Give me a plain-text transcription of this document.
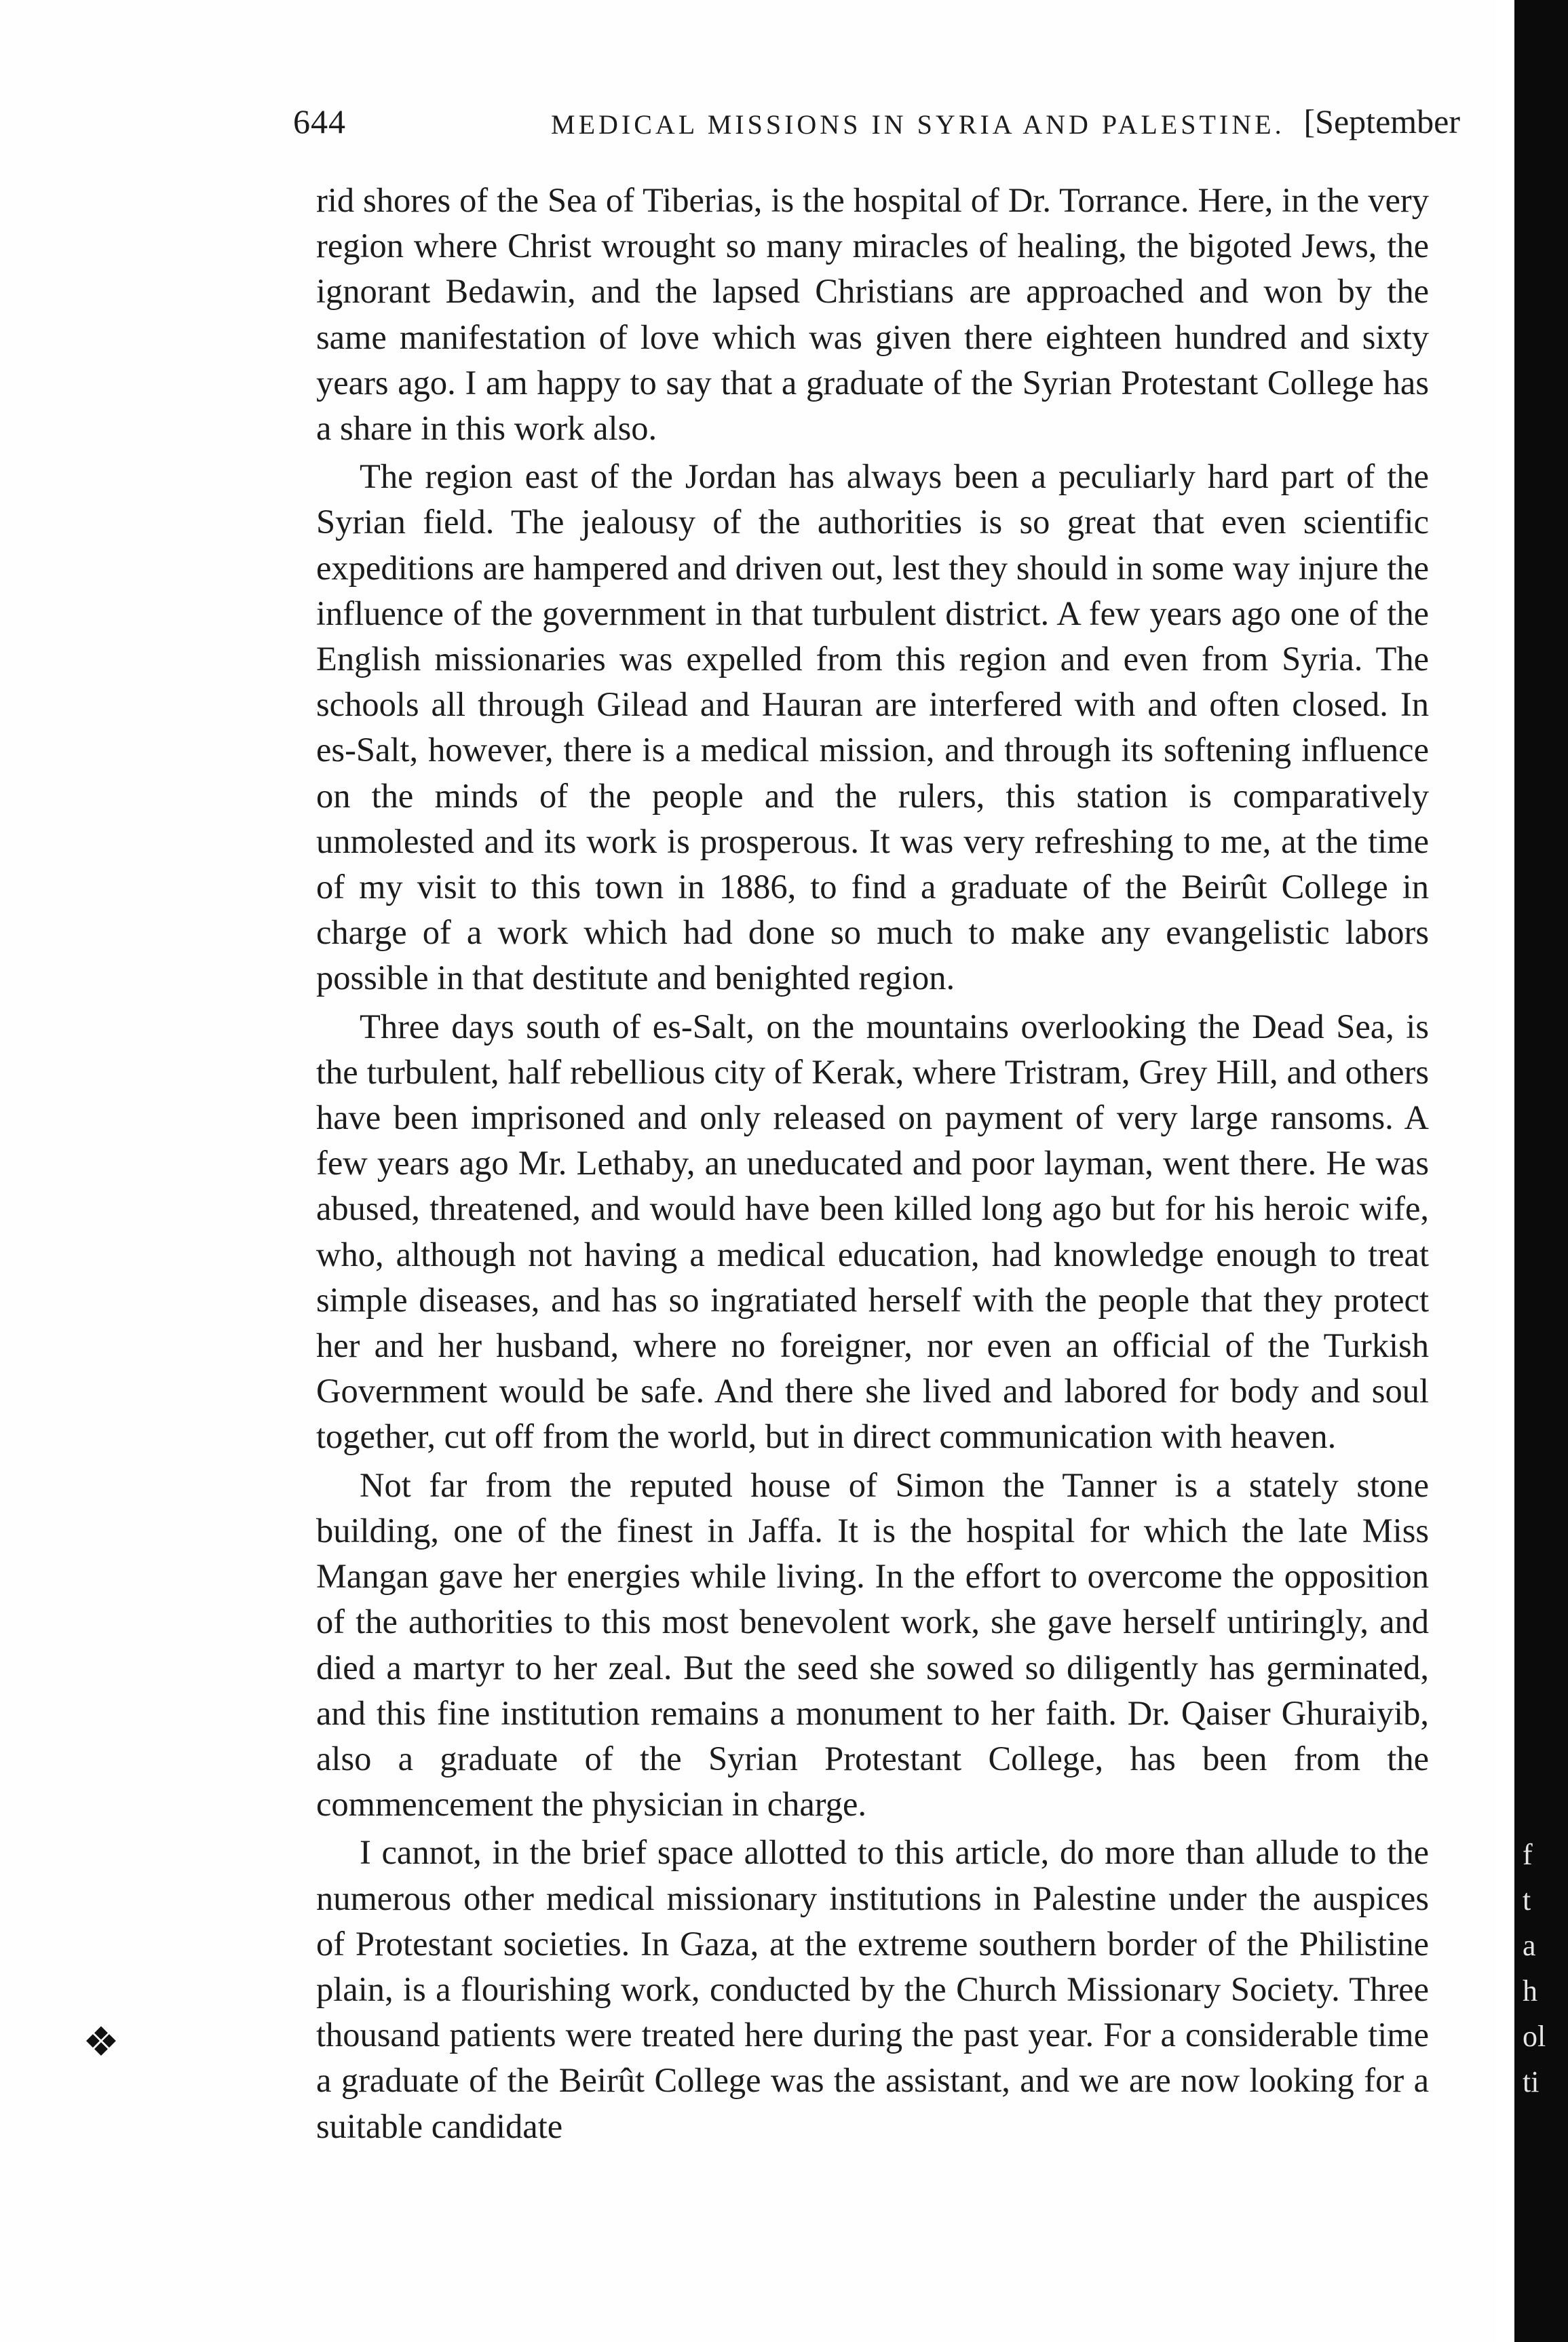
644	MEDICAL MISSIONS IN SYRIA AND PALESTINE. [September

rid shores of the Sea of Tiberias, is the hospital of Dr. Torrance. Here, in the very region where Christ wrought so many miracles of healing, the bigoted Jews, the ignorant Bedawin, and the lapsed Christians are approached and won by the same manifestation of love which was given there eighteen hundred and sixty years ago. I am happy to say that a graduate of the Syrian Protestant College has a share in this work also.

The region east of the Jordan has always been a peculiarly hard part of the Syrian field. The jealousy of the authorities is so great that even scientific expeditions are hampered and driven out, lest they should in some way injure the influence of the government in that turbulent district. A few years ago one of the English missionaries was expelled from this region and even from Syria. The schools all through Gilead and Hauran are interfered with and often closed. In es-Salt, however, there is a medical mission, and through its softening influence on the minds of the people and the rulers, this station is comparatively unmolested and its work is prosperous. It was very refreshing to me, at the time of my visit to this town in 1886, to find a graduate of the Beirût College in charge of a work which had done so much to make any evangelistic labors possible in that destitute and benighted region.

Three days south of es-Salt, on the mountains overlooking the Dead Sea, is the turbulent, half rebellious city of Kerak, where Tristram, Grey Hill, and others have been imprisoned and only released on payment of very large ransoms. A few years ago Mr. Lethaby, an uneducated and poor layman, went there. He was abused, threatened, and would have been killed long ago but for his heroic wife, who, although not having a medical education, had knowledge enough to treat simple diseases, and has so ingratiated herself with the people that they protect her and her husband, where no foreigner, nor even an official of the Turkish Government would be safe. And there she lived and labored for body and soul together, cut off from the world, but in direct communication with heaven.

Not far from the reputed house of Simon the Tanner is a stately stone building, one of the finest in Jaffa. It is the hospital for which the late Miss Mangan gave her energies while living. In the effort to overcome the opposition of the authorities to this most benevolent work, she gave herself untiringly, and died a martyr to her zeal. But the seed she sowed so diligently has germinated, and this fine institution remains a monument to her faith. Dr. Qaiser Ghuraiyib, also a graduate of the Syrian Protestant College, has been from the commencement the physician in charge.

I cannot, in the brief space allotted to this article, do more than allude to the numerous other medical missionary institutions in Palestine under the auspices of Protestant societies. In Gaza, at the extreme southern border of the Philistine plain, is a flourishing work, conducted by the Church Missionary Society. Three thousand patients were treated here during the past year. For a considerable time a graduate of the Beirût College was the assistant, and we are now looking for a suitable candidate

f
t
a
h
ol
ti
❖
